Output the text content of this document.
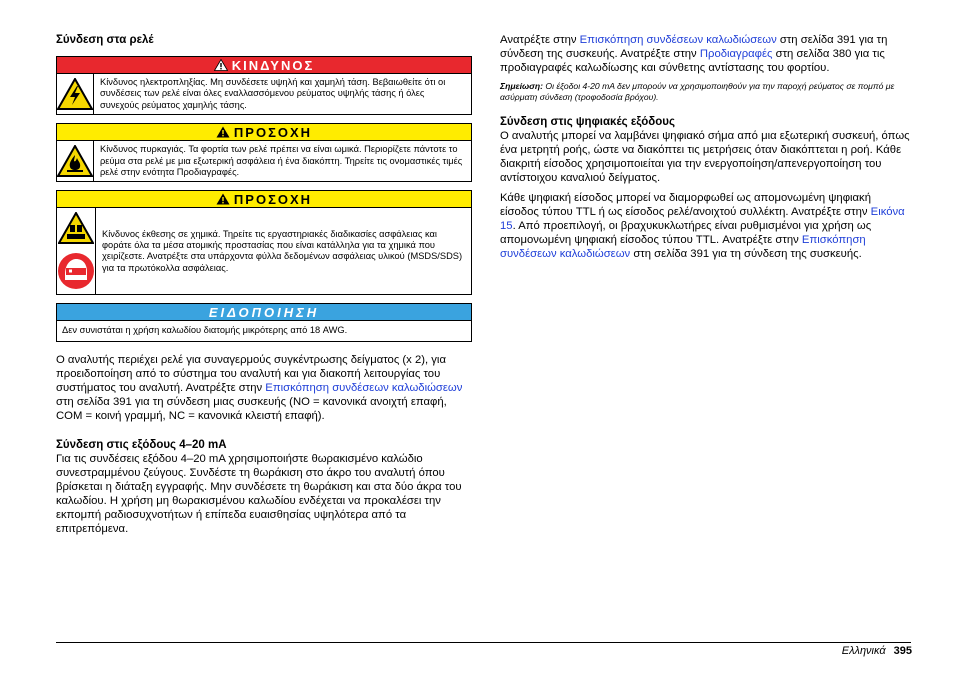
Σύνδεση στα ρελέ
ΚΙΝΔΥΝΟΣ
Κίνδυνος ηλεκτροπληξίας. Μη συνδέσετε υψηλή και χαμηλή τάση. Βεβαιωθείτε ότι οι συνδέσεις των ρελέ είναι όλες εναλλασσόμενου ρεύματος υψηλής τάσης ή όλες συνεχούς ρεύματος χαμηλής τάσης.
ΠΡΟΣΟΧΗ
Κίνδυνος πυρκαγιάς. Τα φορτία των ρελέ πρέπει να είναι ωμικά. Περιορίζετε πάντοτε το ρεύμα στα ρελέ με μια εξωτερική ασφάλεια ή ένα διακόπτη. Τηρείτε τις ονομαστικές τιμές ρελέ στην ενότητα Προδιαγραφές.
ΠΡΟΣΟΧΗ
Κίνδυνος έκθεσης σε χημικά. Τηρείτε τις εργαστηριακές διαδικασίες ασφάλειας και φοράτε όλα τα μέσα ατομικής προστασίας που είναι κατάλληλα για τα χημικά που χειρίζεστε. Ανατρέξτε στα υπάρχοντα φύλλα δεδομένων ασφάλειας υλικού (MSDS/SDS) για τα πρωτόκολλα ασφάλειας.
ΕΙΔΟΠΟΙΗΣΗ
Δεν συνιστάται η χρήση καλωδίου διατομής μικρότερης από 18 AWG.

Ο αναλυτής περιέχει ρελέ για συναγερμούς συγκέντρωσης δείγματος (x 2), για προειδοποίηση από το σύστημα του αναλυτή και για διακοπή λειτουργίας του συστήματος του αναλυτή. Ανατρέξτε στην Επισκόπηση συνδέσεων καλωδιώσεων στη σελίδα 391 για τη σύνδεση μιας συσκευής (NO = κανονικά ανοιχτή επαφή, COM = κοινή γραμμή, NC = κανονικά κλειστή επαφή).

Σύνδεση στις εξόδους 4–20 mA

Για τις συνδέσεις εξόδου 4–20 mA χρησιμοποιήστε θωρακισμένο καλώδιο συνεστραμμένου ζεύγους. Συνδέστε τη θωράκιση στο άκρο του αναλυτή όπου βρίσκεται η διάταξη εγγραφής. Μην συνδέσετε τη θωράκιση και στα δύο άκρα του καλωδίου. Η χρήση μη θωρακισμένου καλωδίου ενδέχεται να προκαλέσει την εκπομπή ραδιοσυχνοτήτων ή επίπεδα ευαισθησίας υψηλότερα από τα επιτρεπόμενα.

Ανατρέξτε στην Επισκόπηση συνδέσεων καλωδιώσεων στη σελίδα 391 για τη σύνδεση της συσκευής. Ανατρέξτε στην Προδιαγραφές στη σελίδα 380 για τις προδιαγραφές καλωδίωσης και σύνθετης αντίστασης του φορτίου.

Σημείωση: Οι έξοδοι 4-20 mA δεν μπορούν να χρησιμοποιηθούν για την παροχή ρεύματος σε πομπό με ασύρματη σύνδεση (τροφοδοσία βρόχου).

Σύνδεση στις ψηφιακές εξόδους

Ο αναλυτής μπορεί να λαμβάνει ψηφιακό σήμα από μια εξωτερική συσκευή, όπως ένα μετρητή ροής, ώστε να διακόπτει τις μετρήσεις όταν διακόπτεται η ροή. Κάθε διακριτή είσοδος χρησιμοποιείται για την ενεργοποίηση/απενεργοποίηση του αντίστοιχου καναλιού δείγματος.

Κάθε ψηφιακή είσοδος μπορεί να διαμορφωθεί ως απομονωμένη ψηφιακή είσοδος τύπου TTL ή ως είσοδος ρελέ/ανοιχτού συλλέκτη. Ανατρέξτε στην Εικόνα 15. Από προεπιλογή, οι βραχυκυκλωτήρες είναι ρυθμισμένοι για χρήση ως απομονωμένη ψηφιακή είσοδος τύπου TTL. Ανατρέξτε στην Επισκόπηση συνδέσεων καλωδιώσεων στη σελίδα 391 για τη σύνδεση της συσκευής.

Ελληνικά 395
